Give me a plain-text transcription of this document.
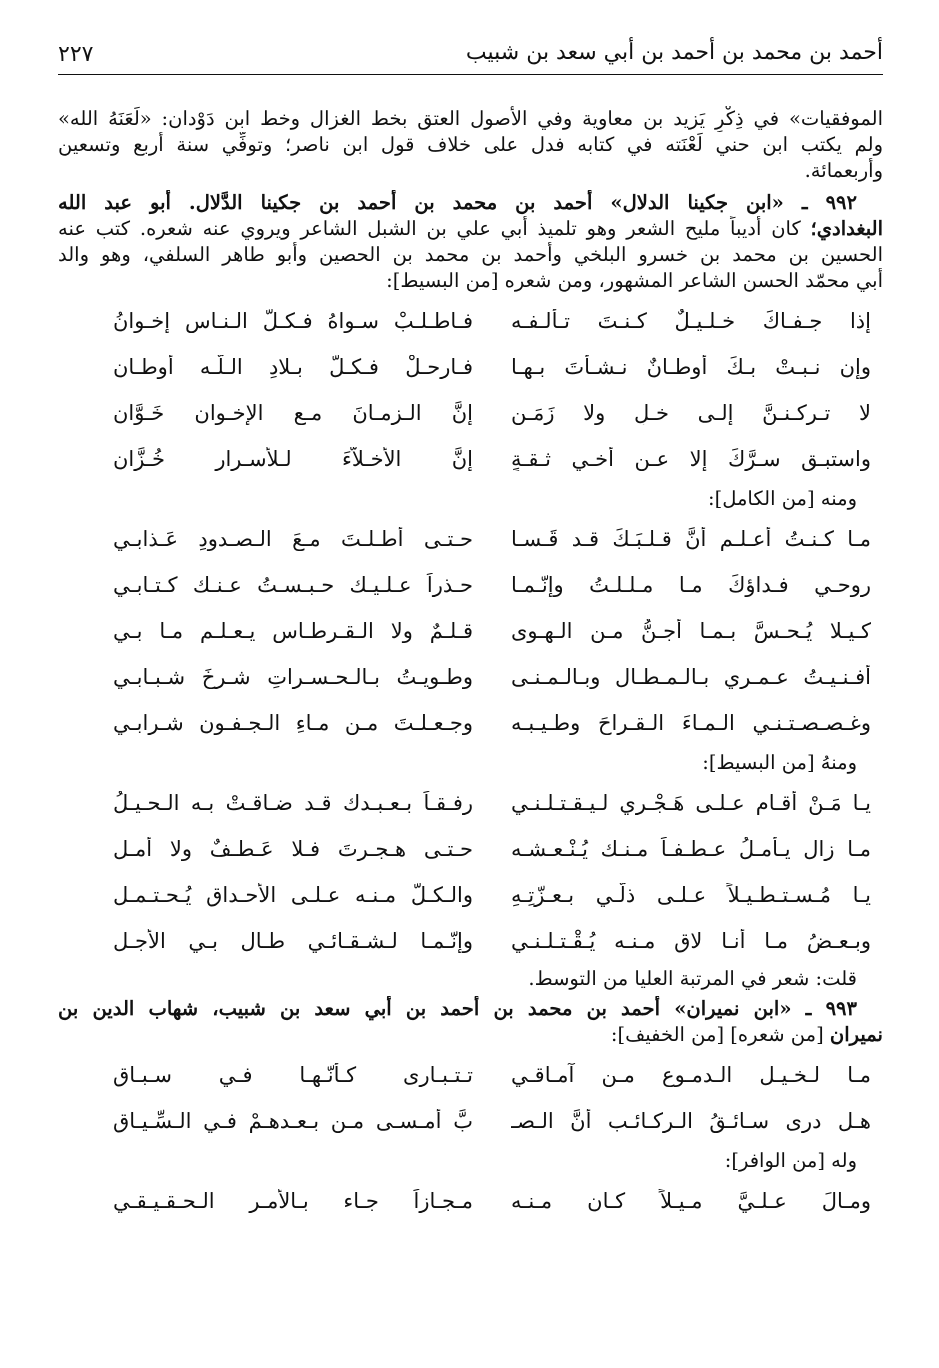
أحمد بن محمد بن أحمد بن أبي سعد بن شبيب
٢٢٧
الموفقيات» في ذِكْرِ يَزيد بن معاوية وفي الأصول العتق بخط الغزال وخط ابن دَوْدان: «لَعَنَهُ الله»
ولم يكتب ابن حني لَعْنَته في كتابه فدل على خلاف قول ابن ناصر؛ وتوفِّي سنة أربع وتسعين
وأربعمائة.
٩٩٢ ـ «ابن جكينا الدلال» أحمد بن محمد بن أحمد بن جكينا الدَّلال. أبو عبد الله
البغدادي؛ كان أديباً مليح الشعر وهو تلميذ أبي علي بن الشبل الشاعر ويروي عنه شعره. كتب عنه
الحسين بن محمد بن خسرو البلخي وأحمد بن محمد بن الحصين وأبو طاهر السلفي، وهو والد
أبي محمّد الحسن الشاعر المشهور، ومن شعره [من البسيط]:
إذا جـفـاكَ خـلـيـلٌ كـنـتَ تـألـفـه
فـاطـلـبْ سـواهُ فـكـلُّ الـنـاسِ إخـوانُ
وإن نـبـتْ بـكَ أوطـانٌ نـشـأتَ بـهـا
فـارحـلْ فـكـلُّ بـلادِ الـلّـه أوطـان
لا تـركـنـنَّ إلـى خـلٍ ولا زَمَـنٍ
إنَّ الـزمـانَ مـع الإخـوانِ خَـوَّان
واستبـقِ سـرَّكَ إلا عـن أخـي ثـقـةٍ
إنَّ الأخـلاَّءَ لـلأسـرارِ خُـزَّان
ومنه [من الكامل]:
مـا كـنـتُ أعـلـم أنَّ قـلـبَـكَ قـد قَـسـا
حـتـى أطـلـتَ مـعَ الـصـدودِ عَـذابـي
روحـي فـداؤكَ مـا مـلـلـتُ وإنّـمـا
حـذراً عـلـيـك حـبـسـتُ عـنـك كـتـابـي
كـيـلا يُـحـسَّ بـمـا أُجـنُّ مـن الـهـوى
قـلـمٌ ولا الـقـرطـاس يـعـلـم مـا بـي
أفـنـيـتُ عـمـري بـالـمـطـالِ وبـالـمـنـى
وطـويـتُ بـالـحـسـراتِ شـرخَ شـبـابـي
وغـصـصـتـنـي الـمـاءَ الـقـراحَ وطـيـبـه
وجـعـلـتَ مـن مـاءِ الـجـفـون شـرابـي
ومنهُ [من البسيط]:
يـا مَـنْ أقـام عـلـى هَـجْـري لـيـقـتـلـنـي
رفـقـاً بـعـبـدك قـد ضـاقـتْ بـه الـحـيـلُ
مـا زال يـأمـلُ عـطـفـاً مـنـك يُـنْـعـشـه
حـتـى هـجـرتَ فـلا عَـطـفٌ ولا أمـل
يـا مُـسـتـطـيـلاً عـلـى ذلّـي بـعـزّتِـهِ
والـكـلُّ مـنـه عـلـى الأحـداق يُـحـتـمـل
وبـعـضُ مـا أنـا لاقٍ مـنـه يُـقْـتـلـنـي
وإنّـمـا لـشـقـائـي طـال بـي الأجـل
قلت: شعر في المرتبة العليا من التوسط.
٩٩٣ ـ «ابن نميران» أحمد بن محمد بن أحمد بن أبي سعد بن شبيب، شهاب الدين بن
نميران [من شعره] [من الخفيف]:
مـا لـخـيـلِ الـدمـوعِ مـن آمـاقـي
تـتـبـارى كـأنّـهـا فـي سـبـاقِ
هـل دری سـائـقُ الـركـائـب أنَّ الـصـ
بَّ أمـسـى مـن بـعـدهـمْ فـي الـسِّـيـاقِ
وله [من الوافر]:
ومـالَ عـلـيَّ مـيـلاً كـان مـنـه
مـجـازاً جـاء بـالأمـر الـحـقـيـقـي
